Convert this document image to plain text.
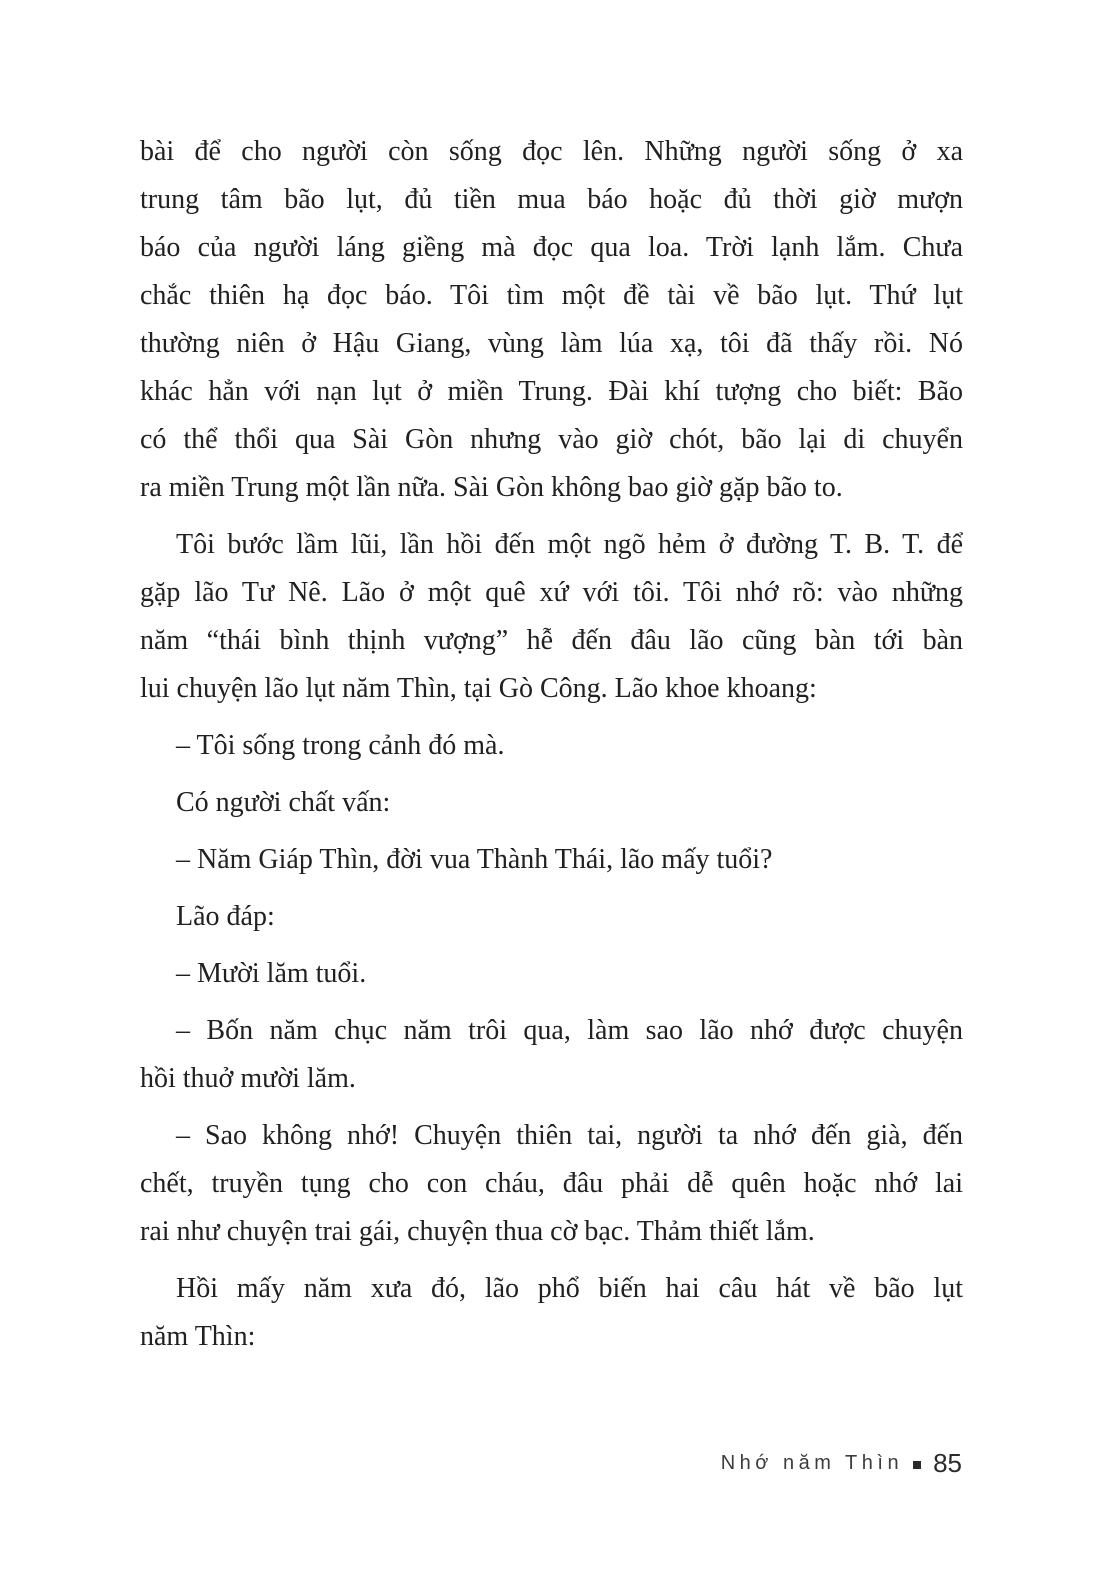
bài để cho người còn sống đọc lên. Những người sống ở xa
trung tâm bão lụt, đủ tiền mua báo hoặc đủ thời giờ mượn
báo của người láng giềng mà đọc qua loa. Trời lạnh lắm. Chưa
chắc thiên hạ đọc báo. Tôi tìm một đề tài về bão lụt. Thứ lụt
thường niên ở Hậu Giang, vùng làm lúa xạ, tôi đã thấy rồi. Nó
khác hẳn với nạn lụt ở miền Trung. Đài khí tượng cho biết: Bão
có thể thổi qua Sài Gòn nhưng vào giờ chót, bão lại di chuyển
ra miền Trung một lần nữa. Sài Gòn không bao giờ gặp bão to.

Tôi bước lầm lũi, lần hồi đến một ngõ hẻm ở đường T. B. T. để
gặp lão Tư Nê. Lão ở một quê xứ với tôi. Tôi nhớ rõ: vào những
năm “thái bình thịnh vượng” hễ đến đâu lão cũng bàn tới bàn
lui chuyện lão lụt năm Thìn, tại Gò Công. Lão khoe khoang:

– Tôi sống trong cảnh đó mà.

Có người chất vấn:

– Năm Giáp Thìn, đời vua Thành Thái, lão mấy tuổi?

Lão đáp:

– Mười lăm tuổi.

– Bốn năm chục năm trôi qua, làm sao lão nhớ được chuyện
hồi thuở mười lăm.

– Sao không nhớ! Chuyện thiên tai, người ta nhớ đến già, đến
chết, truyền tụng cho con cháu, đâu phải dễ quên hoặc nhớ lai
rai như chuyện trai gái, chuyện thua cờ bạc. Thảm thiết lắm.

Hồi mấy năm xưa đó, lão phổ biến hai câu hát về bão lụt
năm Thìn:

Nhớ năm Thìn 85
